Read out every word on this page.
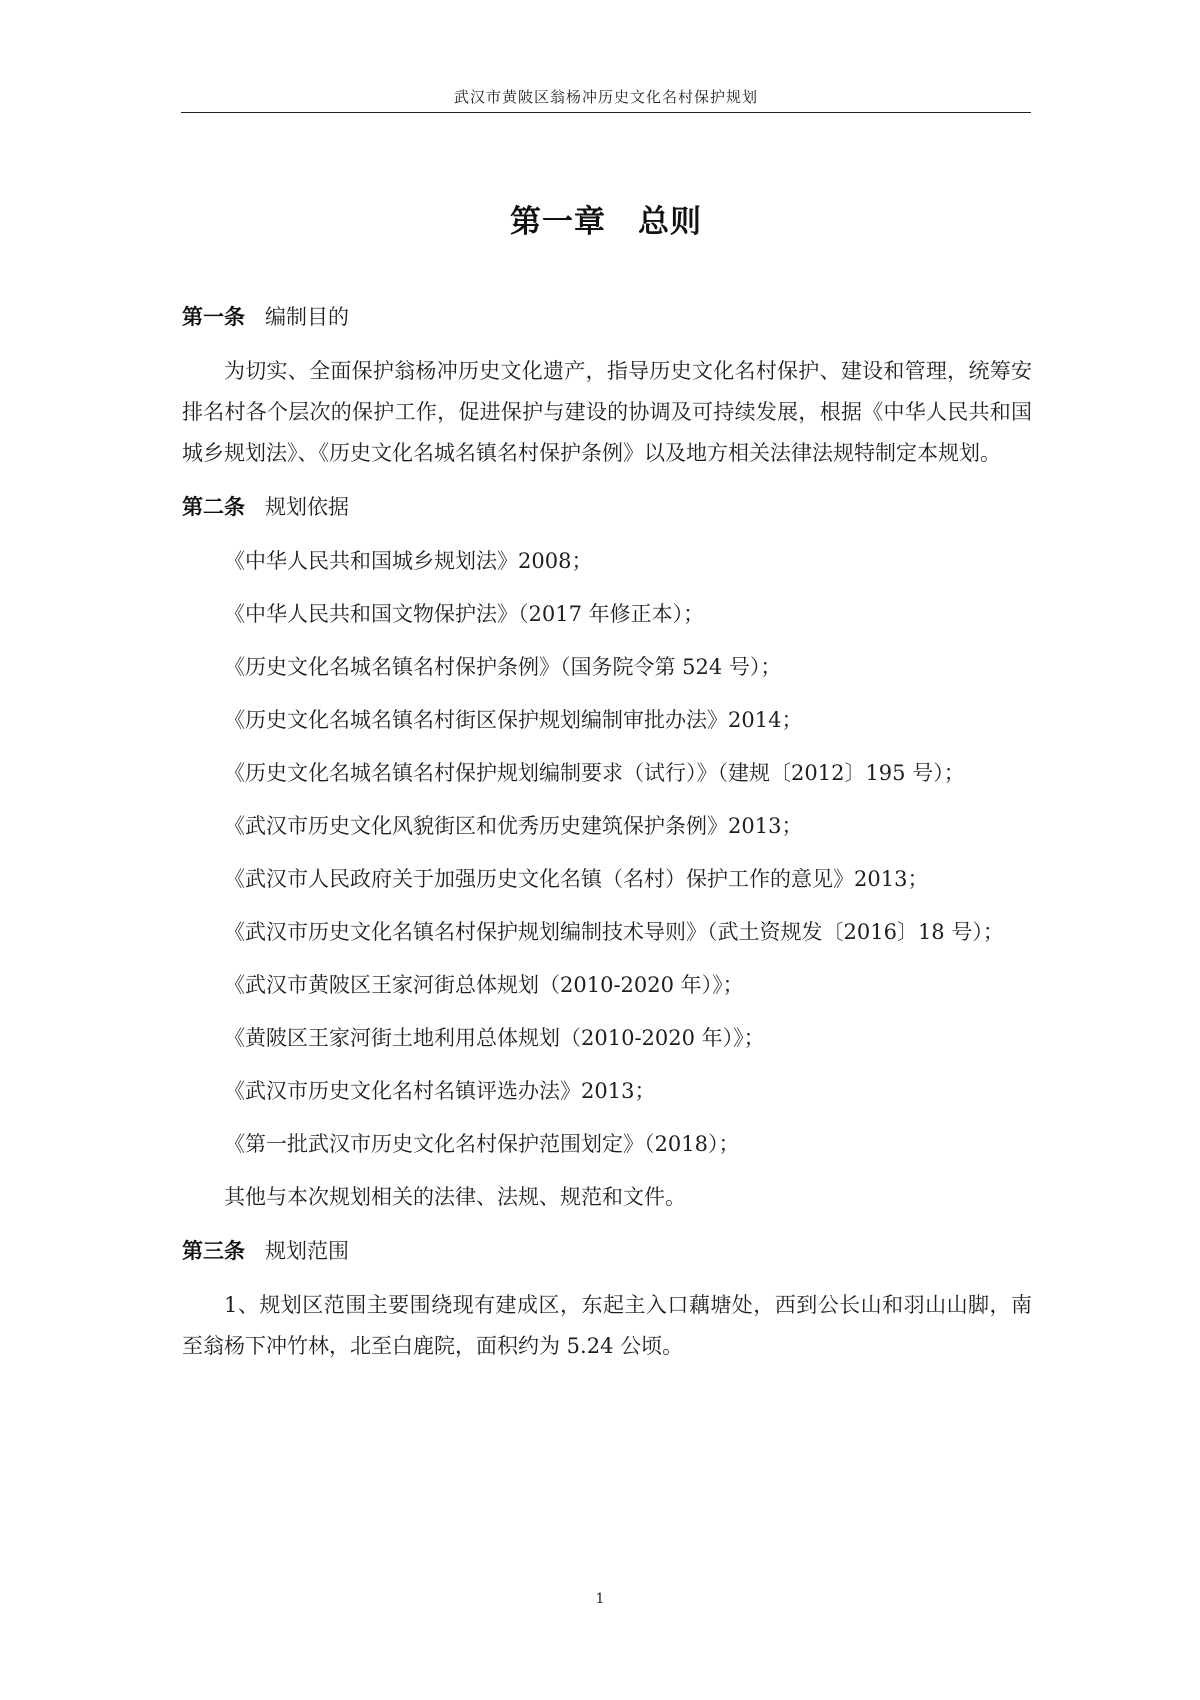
武汉市黄陂区翁杨冲历史文化名村保护规划
第一章 总则
第一条 编制目的

为切实、全面保护翁杨冲历史文化遗产，指导历史文化名村保护、建设和管理，统筹安排名村各个层次的保护工作，促进保护与建设的协调及可持续发展，根据《中华人民共和国城乡规划法》、《历史文化名城名镇名村保护条例》以及地方相关法律法规特制定本规划。

第二条 规划依据

《中华人民共和国城乡规划法》2008；

《中华人民共和国文物保护法》（2017 年修正本）；

《历史文化名城名镇名村保护条例》（国务院令第 524 号）；

《历史文化名城名镇名村街区保护规划编制审批办法》2014；

《历史文化名城名镇名村保护规划编制要求（试行）》（建规〔2012〕195 号）；

《武汉市历史文化风貌街区和优秀历史建筑保护条例》2013；

《武汉市人民政府关于加强历史文化名镇（名村）保护工作的意见》2013；

《武汉市历史文化名镇名村保护规划编制技术导则》（武土资规发〔2016〕18 号）；

《武汉市黄陂区王家河街总体规划（2010-2020 年）》；

《黄陂区王家河街土地利用总体规划（2010-2020 年）》；

《武汉市历史文化名村名镇评选办法》2013；

《第一批武汉市历史文化名村保护范围划定》（2018）；

其他与本次规划相关的法律、法规、规范和文件。

第三条 规划范围

1、规划区范围主要围绕现有建成区，东起主入口藕塘处，西到公长山和羽山山脚，南至翁杨下冲竹林，北至白鹿院，面积约为 5.24 公顷。

1
